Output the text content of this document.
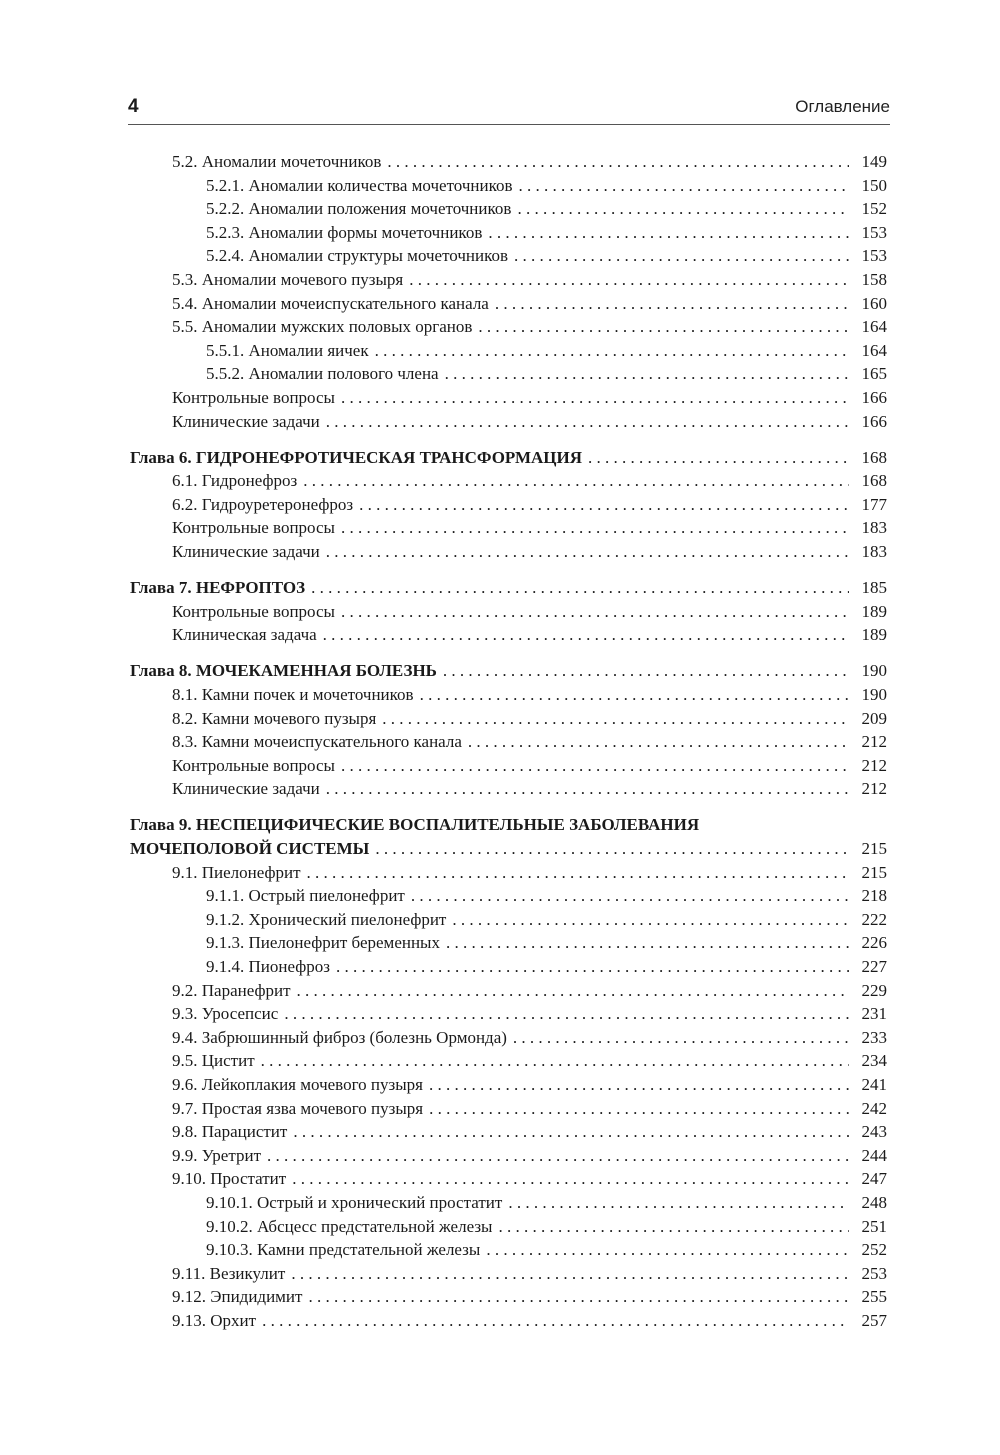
4	Оглавление
5.2. Аномалии мочеточников . . .	149
5.2.1. Аномалии количества мочеточников . . .	150
5.2.2. Аномалии положения мочеточников . . .	152
5.2.3. Аномалии формы мочеточников . . .	153
5.2.4. Аномалии структуры мочеточников . . .	153
5.3. Аномалии мочевого пузыря . . .	158
5.4. Аномалии мочеиспускательного канала . . .	160
5.5. Аномалии мужских половых органов . . .	164
5.5.1. Аномалии яичек . . .	164
5.5.2. Аномалии полового члена . . .	165
Контрольные вопросы . . .	166
Клинические задачи . . .	166
Глава 6. ГИДРОНЕФРОТИЧЕСКАЯ ТРАНСФОРМАЦИЯ . . .	168
6.1. Гидронефроз . . .	168
6.2. Гидроуретеронефроз . . .	177
Контрольные вопросы . . .	183
Клинические задачи . . .	183
Глава 7. НЕФРОПТОЗ . . .	185
Контрольные вопросы . . .	189
Клиническая задача . . .	189
Глава 8. МОЧЕКАМЕННАЯ БОЛЕЗНЬ . . .	190
8.1. Камни почек и мочеточников . . .	190
8.2. Камни мочевого пузыря . . .	209
8.3. Камни мочеиспускательного канала . . .	212
Контрольные вопросы . . .	212
Клинические задачи . . .	212
Глава 9. НЕСПЕЦИФИЧЕСКИЕ ВОСПАЛИТЕЛЬНЫЕ ЗАБОЛЕВАНИЯ
МОЧЕПОЛОВОЙ СИСТЕМЫ . . .	215
9.1. Пиелонефрит . . .	215
9.1.1. Острый пиелонефрит . . .	218
9.1.2. Хронический пиелонефрит . . .	222
9.1.3. Пиелонефрит беременных . . .	226
9.1.4. Пионефроз . . .	227
9.2. Паранефрит . . .	229
9.3. Уросепсис . . .	231
9.4. Забрюшинный фиброз (болезнь Ормонда) . . .	233
9.5. Цистит . . .	234
9.6. Лейкоплакия мочевого пузыря . . .	241
9.7. Простая язва мочевого пузыря . . .	242
9.8. Парацистит . . .	243
9.9. Уретрит . . .	244
9.10. Простатит . . .	247
9.10.1. Острый и хронический простатит . . .	248
9.10.2. Абсцесс предстательной железы . . .	251
9.10.3. Камни предстательной железы . . .	252
9.11. Везикулит . . .	253
9.12. Эпидидимит . . .	255
9.13. Орхит . . .	257
